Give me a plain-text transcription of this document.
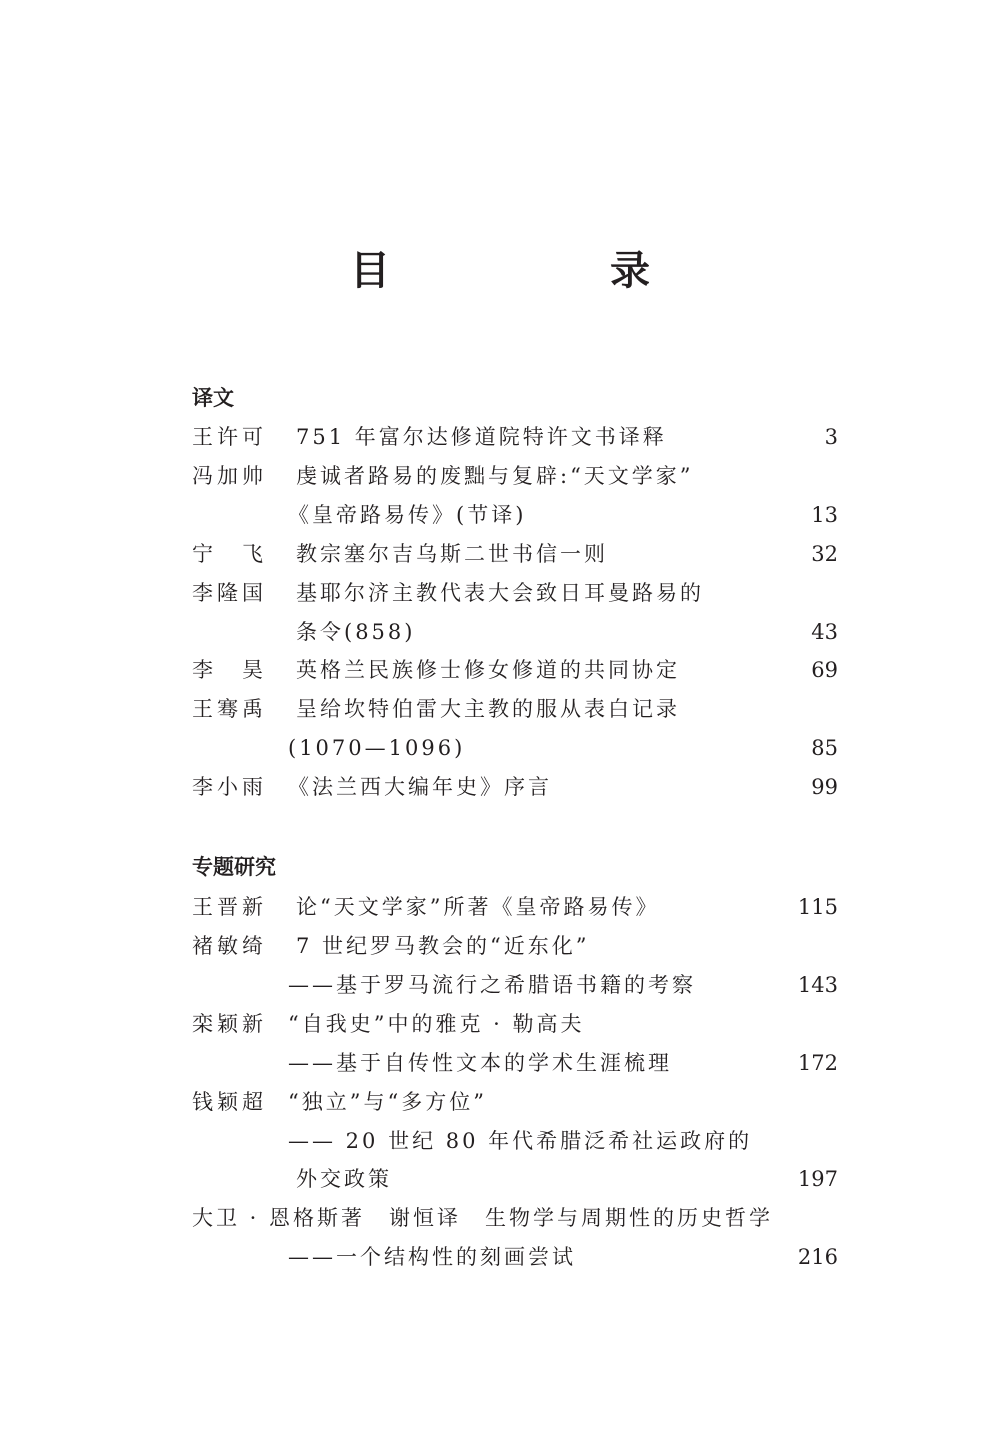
目　录
译文
王许可 751 年富尔达修道院特许文书译释	3
冯加帅 虔诚者路易的废黜与复辟:“天文学家”
《皇帝路易传》(节译)	13
宁　飞 教宗塞尔吉乌斯二世书信一则	32
李隆国 基耶尔济主教代表大会致日耳曼路易的
条令(858)	43
李　昊 英格兰民族修士修女修道的共同协定	69
王骞禹 呈给坎特伯雷大主教的服从表白记录
(1070—1096)	85
李小雨 《法兰西大编年史》序言	99
专题研究
王晋新 论“天文学家”所著《皇帝路易传》	115
褚敏绮 7 世纪罗马教会的“近东化”
——基于罗马流行之希腊语书籍的考察	143
栾颖新 “自我史”中的雅克 · 勒高夫
——基于自传性文本的学术生涯梳理	172
钱颖超 “独立”与“多方位”
—— 20 世纪 80 年代希腊泛希社运政府的
外交政策	197
大卫 · 恩格斯著　谢恒译　生物学与周期性的历史哲学
——一个结构性的刻画尝试	216
